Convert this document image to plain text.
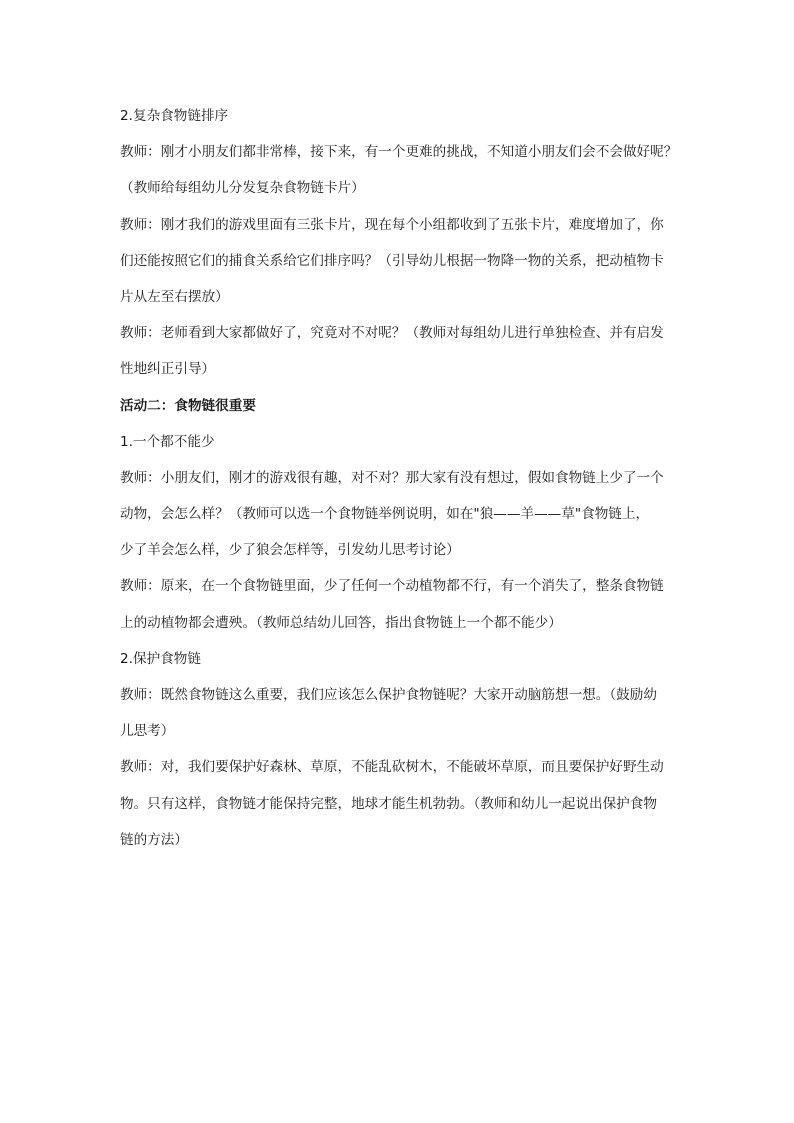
2.复杂食物链排序
教师：刚才小朋友们都非常棒，接下来，有一个更难的挑战，不知道小朋友们会不会做好呢？
（教师给每组幼儿分发复杂食物链卡片）
教师：刚才我们的游戏里面有三张卡片，现在每个小组都收到了五张卡片，难度增加了，你
们还能按照它们的捕食关系给它们排序吗？（引导幼儿根据一物降一物的关系，把动植物卡
片从左至右摆放）
教师：老师看到大家都做好了，究竟对不对呢？（教师对每组幼儿进行单独检查、并有启发
性地纠正引导）
活动二：食物链很重要
1.一个都不能少
教师：小朋友们，刚才的游戏很有趣，对不对？那大家有没有想过，假如食物链上少了一个
动物，会怎么样？（教师可以选一个食物链举例说明，如在"狼——羊——草"食物链上，
少了羊会怎么样，少了狼会怎样等，引发幼儿思考讨论）
教师：原来，在一个食物链里面，少了任何一个动植物都不行，有一个消失了，整条食物链
上的动植物都会遭殃。（教师总结幼儿回答，指出食物链上一个都不能少）
2.保护食物链
教师：既然食物链这么重要，我们应该怎么保护食物链呢？大家开动脑筋想一想。（鼓励幼
儿思考）
教师：对，我们要保护好森林、草原，不能乱砍树木，不能破坏草原，而且要保护好野生动
物。只有这样，食物链才能保持完整，地球才能生机勃勃。（教师和幼儿一起说出保护食物
链的方法）
